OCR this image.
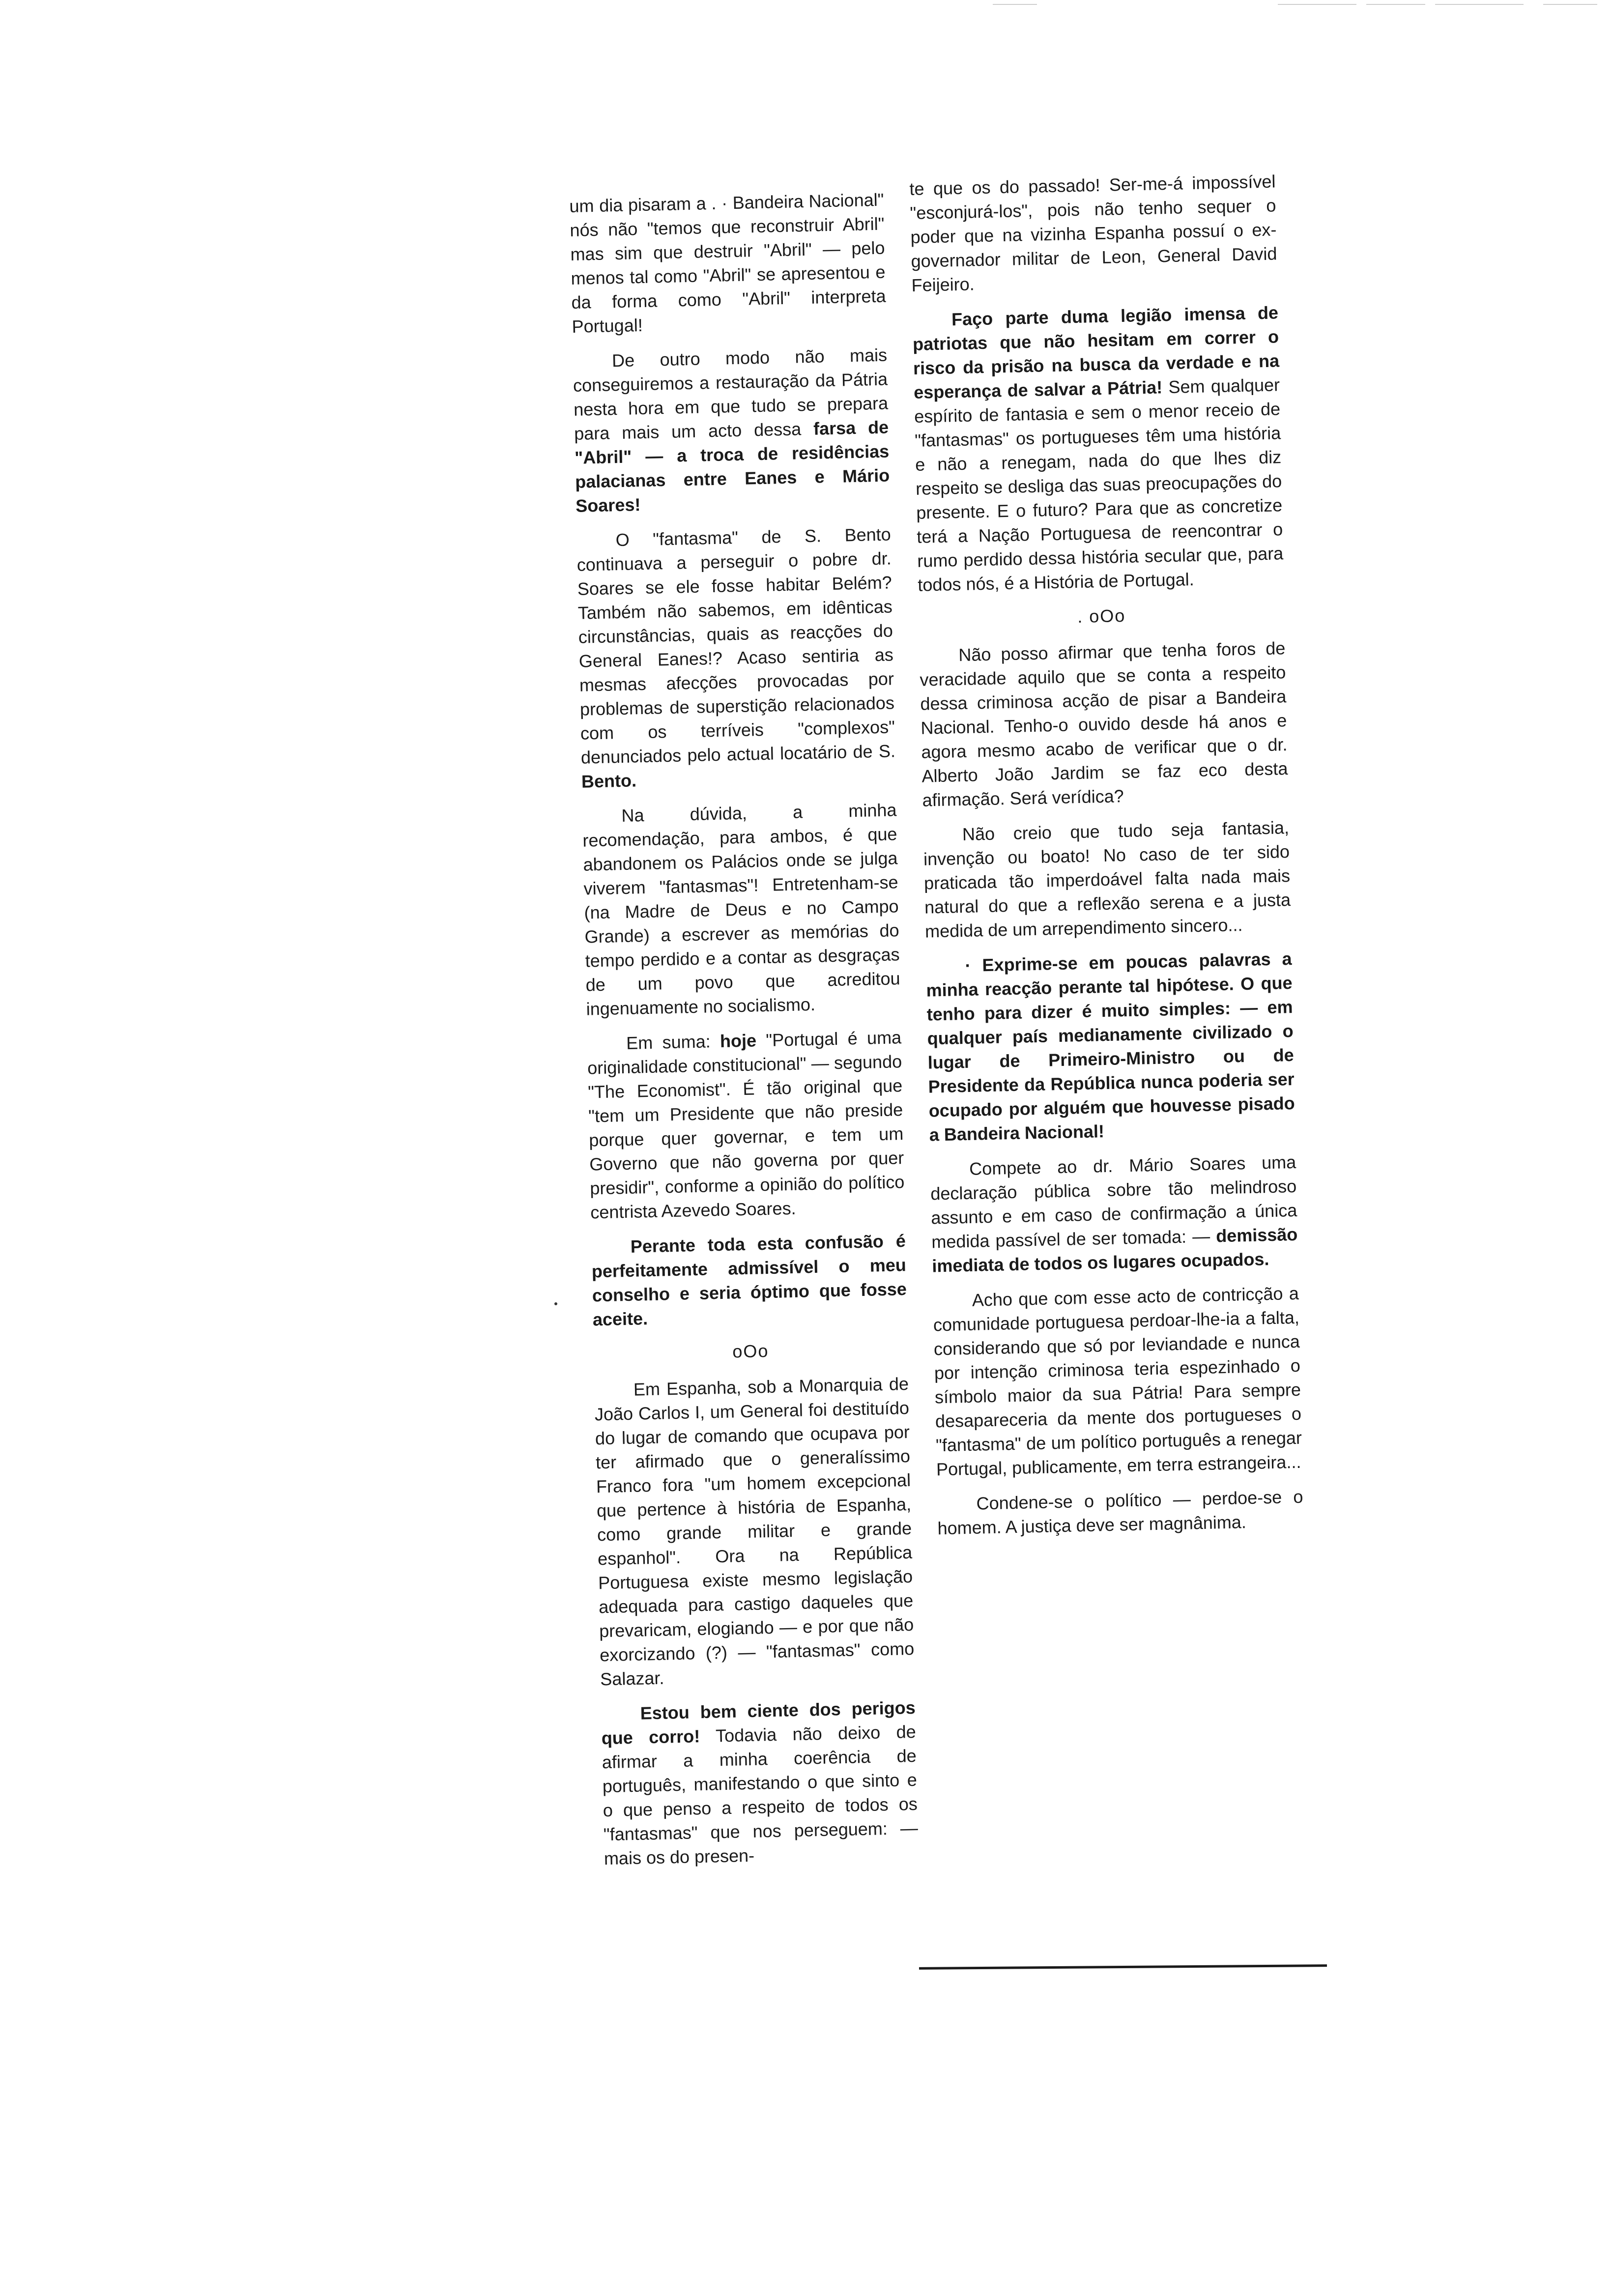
um dia pisaram a . · Bandeira Nacional" nós não "temos que reconstruir Abril" mas sim que destruir "Abril" — pelo menos tal como "Abril" se apresentou e da forma como "Abril" interpreta Portugal!

De outro modo não mais conseguiremos a restauração da Pátria nesta hora em que tudo se prepara para mais um acto dessa farsa de "Abril" — a troca de residências palacianas entre Eanes e Mário Soares!

O "fantasma" de S. Bento continuava a perseguir o pobre dr. Soares se ele fosse habitar Belém? Também não sabemos, em idênticas circunstâncias, quais as reacções do General Eanes!? Acaso sentiria as mesmas afecções provocadas por problemas de superstição relacionados com os terríveis "complexos" denunciados pelo actual locatário de S. Bento.

Na dúvida, a minha recomendação, para ambos, é que abandonem os Palácios onde se julga viverem "fantasmas"! Entretenham-se (na Madre de Deus e no Campo Grande) a escrever as memórias do tempo perdido e a contar as desgraças de um povo que acreditou ingenuamente no socialismo.

Em suma: hoje "Portugal é uma originalidade constitucional" — segundo "The Economist". É tão original que "tem um Presidente que não preside porque quer governar, e tem um Governo que não governa por quer presidir", conforme a opinião do político centrista Azevedo Soares.

Perante toda esta confusão é perfeitamente admissível o meu conselho e seria óptimo que fosse aceite.

oOo

Em Espanha, sob a Monarquia de João Carlos I, um General foi destituído do lugar de comando que ocupava por ter afirmado que o generalíssimo Franco fora "um homem excepcional que pertence à história de Espanha, como grande militar e grande espanhol". Ora na República Portuguesa existe mesmo legislação adequada para castigo daqueles que prevaricam, elogiando — e por que não exorcizando (?) — "fantasmas" como Salazar.

Estou bem ciente dos perigos que corro! Todavia não deixo de afirmar a minha coerência de português, manifestando o que sinto e o que penso a respeito de todos os "fantasmas" que nos perseguem: — mais os do presen-

te que os do passado! Ser-me-á impossível "esconjurá-los", pois não tenho sequer o poder que na vizinha Espanha possuí o ex-governador militar de Leon, General David Feijeiro.

Faço parte duma legião imensa de patriotas que não hesitam em correr o risco da prisão na busca da verdade e na esperança de salvar a Pátria! Sem qualquer espírito de fantasia e sem o menor receio de "fantasmas" os portugueses têm uma história e não a renegam, nada do que lhes diz respeito se desliga das suas preocupações do presente. E o futuro? Para que as concretize terá a Nação Portuguesa de reencontrar o rumo perdido dessa história secular que, para todos nós, é a História de Portugal.

. oOo

Não posso afirmar que tenha foros de veracidade aquilo que se conta a respeito dessa criminosa acção de pisar a Bandeira Nacional. Tenho-o ouvido desde há anos e agora mesmo acabo de verificar que o dr. Alberto João Jardim se faz eco desta afirmação. Será verídica?

Não creio que tudo seja fantasia, invenção ou boato! No caso de ter sido praticada tão imperdoável falta nada mais natural do que a reflexão serena e a justa medida de um arrependimento sincero...

· Exprime-se em poucas palavras a minha reacção perante tal hipótese. O que tenho para dizer é muito simples: — em qualquer país medianamente civilizado o lugar de Primeiro-Ministro ou de Presidente da República nunca poderia ser ocupado por alguém que houvesse pisado a Bandeira Nacional!

Compete ao dr. Mário Soares uma declaração pública sobre tão melindroso assunto e em caso de confirmação a única medida passível de ser tomada: — demissão imediata de todos os lugares ocupados.

Acho que com esse acto de contricção a comunidade portuguesa perdoar-lhe-ia a falta, considerando que só por leviandade e nunca por intenção criminosa teria espezinhado o símbolo maior da sua Pátria! Para sempre desapareceria da mente dos portugueses o "fantasma" de um político português a renegar Portugal, publicamente, em terra estrangeira...

Condene-se o político — perdoe-se o homem. A justiça deve ser magnânima.
